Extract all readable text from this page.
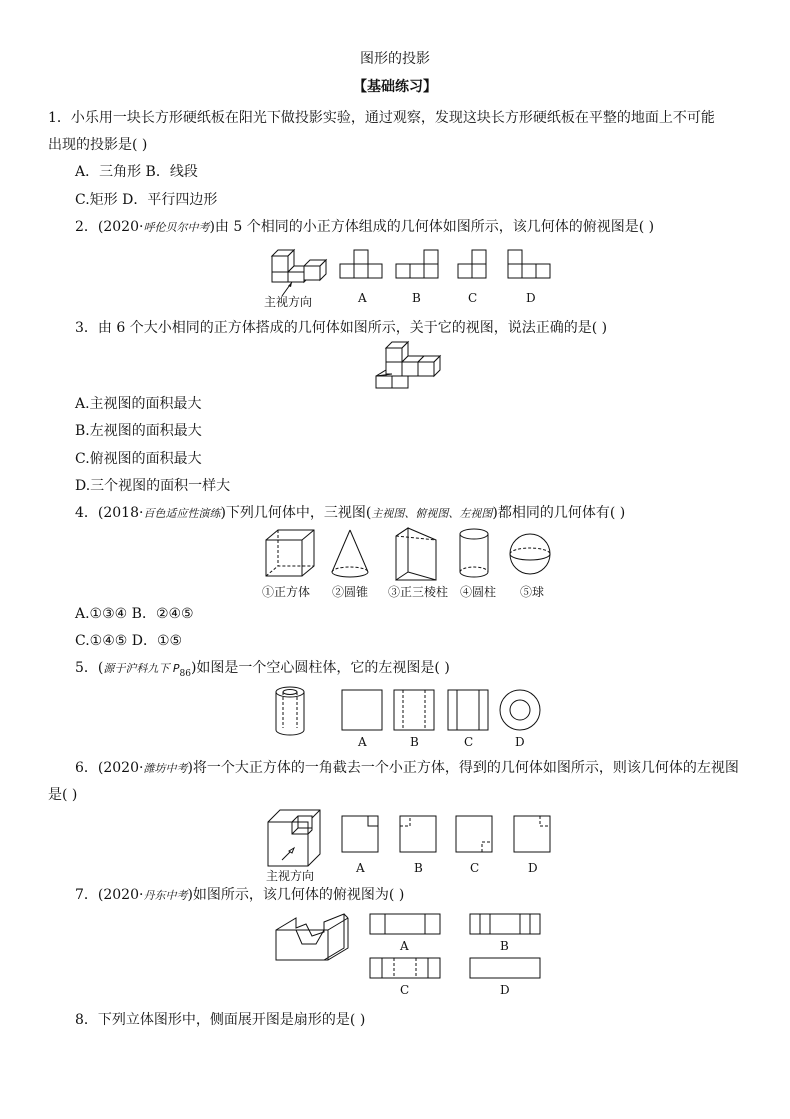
图形的投影
【基础练习】
1．小乐用一块长方形硬纸板在阳光下做投影实验，通过观察，发现这块长方形硬纸板在平整的地面上不可能
出现的投影是( )
A．三角形 B．线段
C.矩形 D．平行四边形
2．(2020·呼伦贝尔中考)由 5 个相同的小正方体组成的几何体如图所示，该几何体的俯视图是( )
主视方向	A	B	C	D
3．由 6 个大小相同的正方体搭成的几何体如图所示，关于它的视图，说法正确的是( )
A.主视图的面积最大
B.左视图的面积最大
C.俯视图的面积最大
D.三个视图的面积一样大
4．(2018·百色适应性演练)下列几何体中，三视图(主视图、俯视图、左视图)都相同的几何体有( )
①正方体 ②圆锥 ③正三棱柱 ④圆柱 ⑤球
A.①③④ B．②④⑤
C.①④⑤ D．①⑤
5．(源于沪科九下 $P_{86}$)如图是一个空心圆柱体，它的左视图是( )
A	B	C	D
6．(2020·潍坊中考)将一个大正方体的一角截去一个小正方体，得到的几何体如图所示，则该几何体的左视图
是( )
主视方向
A	B	C	D
7．(2020·丹东中考)如图所示，该几何体的俯视图为( )
A	B
C	D
8．下列立体图形中，侧面展开图是扇形的是( )
